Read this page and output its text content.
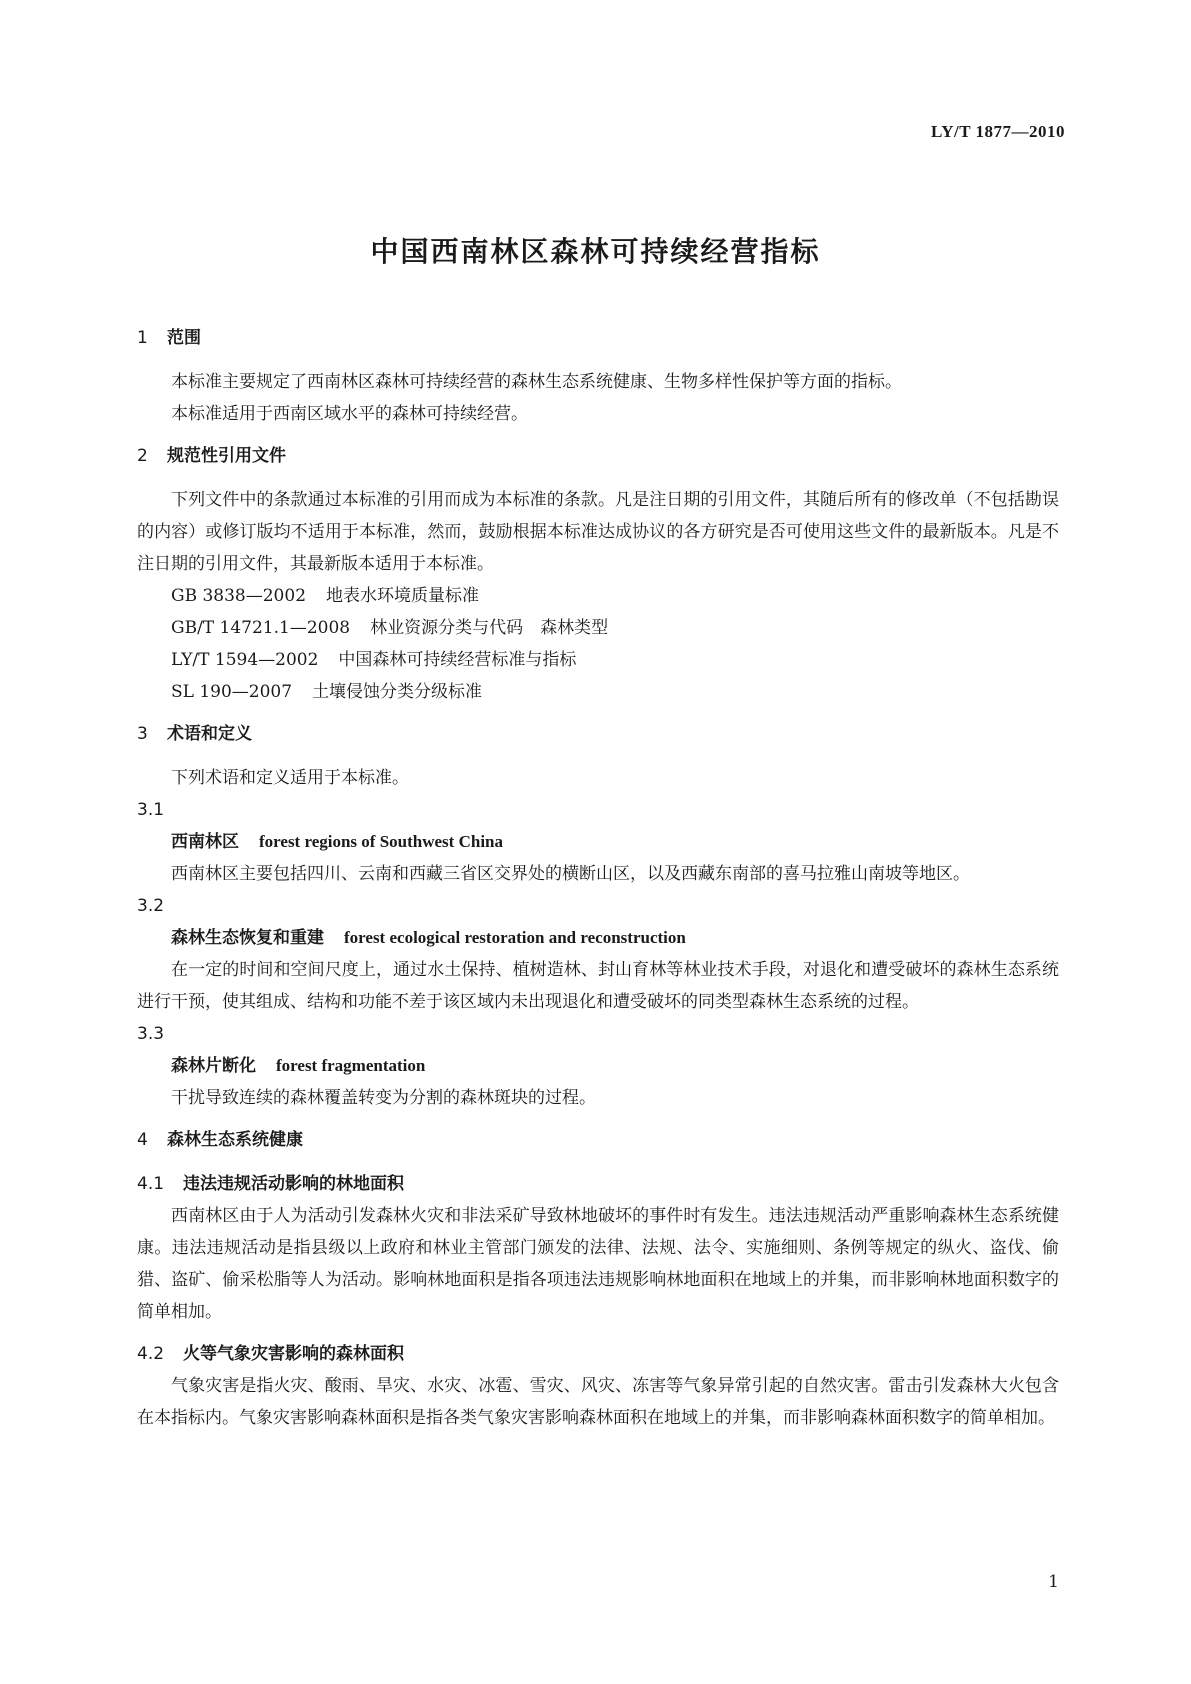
LY/T 1877—2010
中国西南林区森林可持续经营指标
1 范围

本标准主要规定了西南林区森林可持续经营的森林生态系统健康、生物多样性保护等方面的指标。

本标准适用于西南区域水平的森林可持续经营。

2 规范性引用文件

下列文件中的条款通过本标准的引用而成为本标准的条款。凡是注日期的引用文件，其随后所有的修改单（不包括勘误的内容）或修订版均不适用于本标准，然而，鼓励根据本标准达成协议的各方研究是否可使用这些文件的最新版本。凡是不注日期的引用文件，其最新版本适用于本标准。

GB 3838—2002 地表水环境质量标准
GB/T 14721.1—2008 林业资源分类与代码　森林类型
LY/T 1594—2002 中国森林可持续经营标准与指标
SL 190—2007 土壤侵蚀分类分级标准
3 术语和定义

下列术语和定义适用于本标准。

3.1
西南林区 forest regions of Southwest China

西南林区主要包括四川、云南和西藏三省区交界处的横断山区，以及西藏东南部的喜马拉雅山南坡等地区。

3.2
森林生态恢复和重建 forest ecological restoration and reconstruction

在一定的时间和空间尺度上，通过水土保持、植树造林、封山育林等林业技术手段，对退化和遭受破坏的森林生态系统进行干预，使其组成、结构和功能不差于该区域内未出现退化和遭受破坏的同类型森林生态系统的过程。

3.3
森林片断化 forest fragmentation

干扰导致连续的森林覆盖转变为分割的森林斑块的过程。

4 森林生态系统健康
4.1 违法违规活动影响的林地面积

西南林区由于人为活动引发森林火灾和非法采矿导致林地破坏的事件时有发生。违法违规活动严重影响森林生态系统健康。违法违规活动是指县级以上政府和林业主管部门颁发的法律、法规、法令、实施细则、条例等规定的纵火、盗伐、偷猎、盗矿、偷采松脂等人为活动。影响林地面积是指各项违法违规影响林地面积在地域上的并集，而非影响林地面积数字的简单相加。

4.2 火等气象灾害影响的森林面积

气象灾害是指火灾、酸雨、旱灾、水灾、冰雹、雪灾、风灾、冻害等气象异常引起的自然灾害。雷击引发森林大火包含在本指标内。气象灾害影响森林面积是指各类气象灾害影响森林面积在地域上的并集，而非影响森林面积数字的简单相加。

1
